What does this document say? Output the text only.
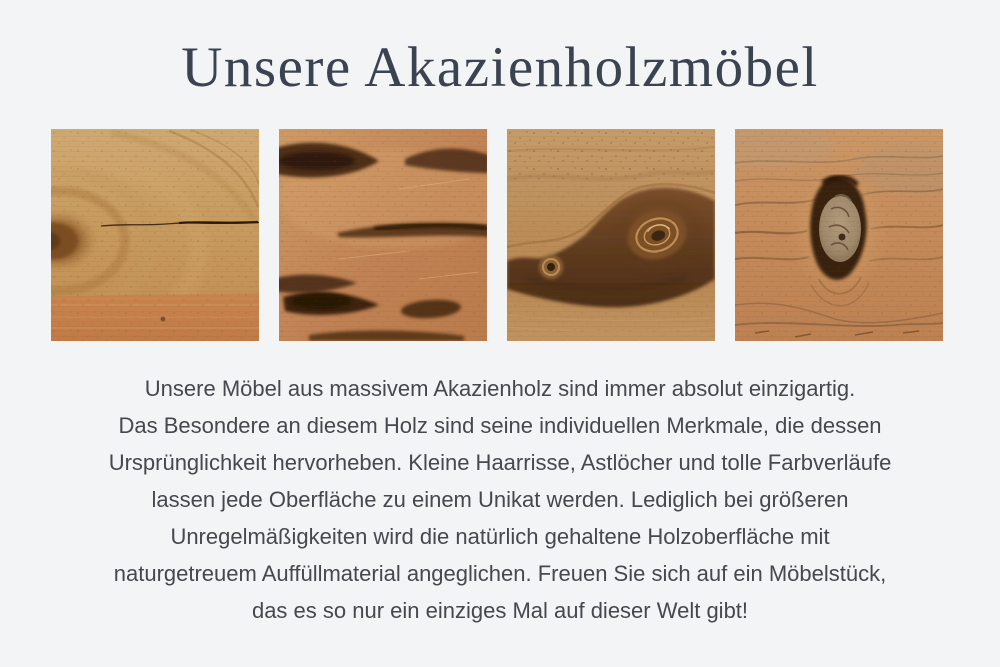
Unsere Akazienholzmöbel
Unsere Möbel aus massivem Akazienholz sind immer absolut einzigartig.
Das Besondere an diesem Holz sind seine individuellen Merkmale, die dessen
Ursprünglichkeit hervorheben. Kleine Haarrisse, Astlöcher und tolle Farbverläufe
lassen jede Oberfläche zu einem Unikat werden. Lediglich bei größeren
Unregelmäßigkeiten wird die natürlich gehaltene Holzoberfläche mit
naturgetreuem Auffüllmaterial angeglichen. Freuen Sie sich auf ein Möbelstück,
das es so nur ein einziges Mal auf dieser Welt gibt!
